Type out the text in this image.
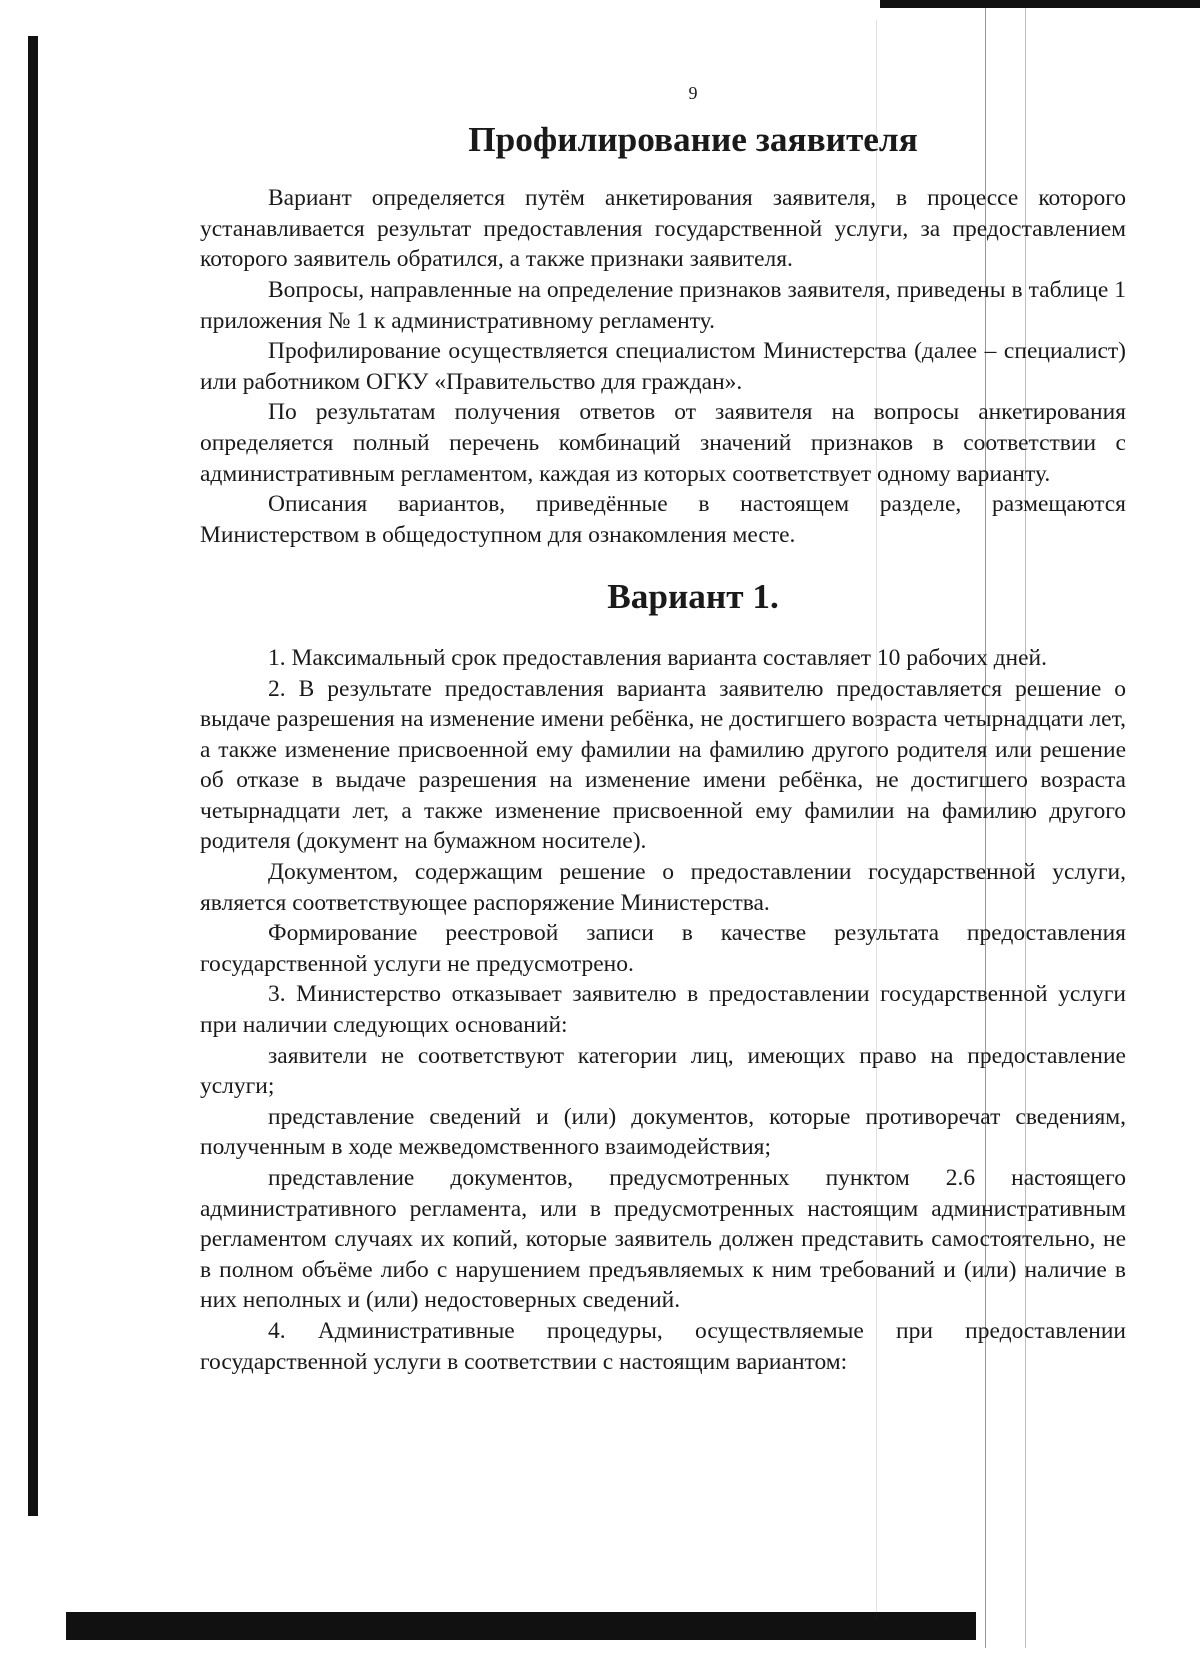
9
Профилирование заявителя

Вариант определяется путём анкетирования заявителя, в процессе которого устанавливается результат предоставления государственной услуги, за предоставлением которого заявитель обратился, а также признаки заявителя.

Вопросы, направленные на определение признаков заявителя, приведены в таблице 1 приложения № 1 к административному регламенту.

Профилирование осуществляется специалистом Министерства (далее – специалист) или работником ОГКУ «Правительство для граждан».

По результатам получения ответов от заявителя на вопросы анкетирования определяется полный перечень комбинаций значений признаков в соответствии с административным регламентом, каждая из которых соответствует одному варианту.

Описания вариантов, приведённые в настоящем разделе, размещаются Министерством в общедоступном для ознакомления месте.

Вариант 1.

1. Максимальный срок предоставления варианта составляет 10 рабочих дней.

2. В результате предоставления варианта заявителю предоставляется решение о выдаче разрешения на изменение имени ребёнка, не достигшего возраста четырнадцати лет, а также изменение присвоенной ему фамилии на фамилию другого родителя или решение об отказе в выдаче разрешения на изменение имени ребёнка, не достигшего возраста четырнадцати лет, а также изменение присвоенной ему фамилии на фамилию другого родителя (документ на бумажном носителе).

Документом, содержащим решение о предоставлении государственной услуги, является соответствующее распоряжение Министерства.

Формирование реестровой записи в качестве результата предоставления государственной услуги не предусмотрено.

3. Министерство отказывает заявителю в предоставлении государственной услуги при наличии следующих оснований:

заявители не соответствуют категории лиц, имеющих право на предоставление услуги;

представление сведений и (или) документов, которые противоречат сведениям, полученным в ходе межведомственного взаимодействия;

представление документов, предусмотренных пунктом 2.6 настоящего административного регламента, или в предусмотренных настоящим административным регламентом случаях их копий, которые заявитель должен представить самостоятельно, не в полном объёме либо с нарушением предъявляемых к ним требований и (или) наличие в них неполных и (или) недостоверных сведений.

4. Административные процедуры, осуществляемые при предоставлении государственной услуги в соответствии с настоящим вариантом:
